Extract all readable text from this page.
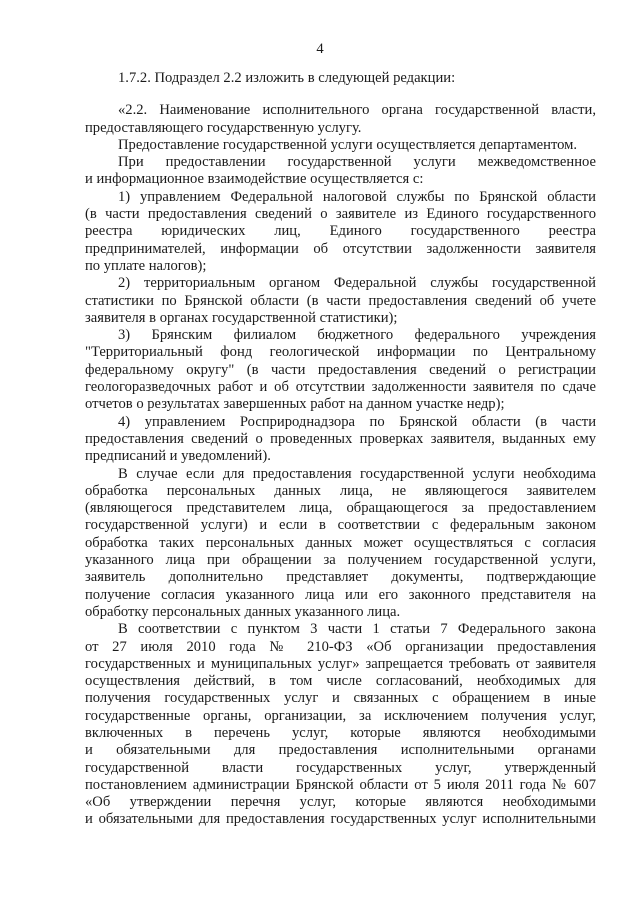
4
1.7.2. Подраздел 2.2 изложить в следующей редакции:
«2.2. Наименование исполнительного органа государственной власти,
предоставляющего государственную услугу.
Предоставление государственной услуги осуществляется департаментом.
При предоставлении государственной услуги межведомственное
и информационное взаимодействие осуществляется с:
1) управлением Федеральной налоговой службы по Брянской области
(в части предоставления сведений о заявителе из Единого государственного
реестра юридических лиц, Единого государственного реестра
предпринимателей, информации об отсутствии задолженности заявителя
по уплате налогов);
2) территориальным органом Федеральной службы государственной
статистики по Брянской области (в части предоставления сведений об учете
заявителя в органах государственной статистики);
3) Брянским филиалом бюджетного федерального учреждения
"Территориальный фонд геологической информации по Центральному
федеральному округу" (в части предоставления сведений о регистрации
геологоразведочных работ и об отсутствии задолженности заявителя по сдаче
отчетов о результатах завершенных работ на данном участке недр);
4) управлением Росприроднадзора по Брянской области (в части
предоставления сведений о проведенных проверках заявителя, выданных ему
предписаний и уведомлений).
В случае если для предоставления государственной услуги необходима
обработка персональных данных лица, не являющегося заявителем
(являющегося представителем лица, обращающегося за предоставлением
государственной услуги) и если в соответствии с федеральным законом
обработка таких персональных данных может осуществляться с согласия
указанного лица при обращении за получением государственной услуги,
заявитель дополнительно представляет документы, подтверждающие
получение согласия указанного лица или его законного представителя на
обработку персональных данных указанного лица.
В соответствии с пунктом 3 части 1 статьи 7 Федерального закона
от 27 июля 2010 года № 210-ФЗ «Об организации предоставления
государственных и муниципальных услуг» запрещается требовать от заявителя
осуществления действий, в том числе согласований, необходимых для
получения государственных услуг и связанных с обращением в иные
государственные органы, организации, за исключением получения услуг,
включенных в перечень услуг, которые являются необходимыми
и обязательными для предоставления исполнительными органами
государственной власти государственных услуг, утвержденный
постановлением администрации Брянской области от 5 июля 2011 года № 607
«Об утверждении перечня услуг, которые являются необходимыми
и обязательными для предоставления государственных услуг исполнительными
